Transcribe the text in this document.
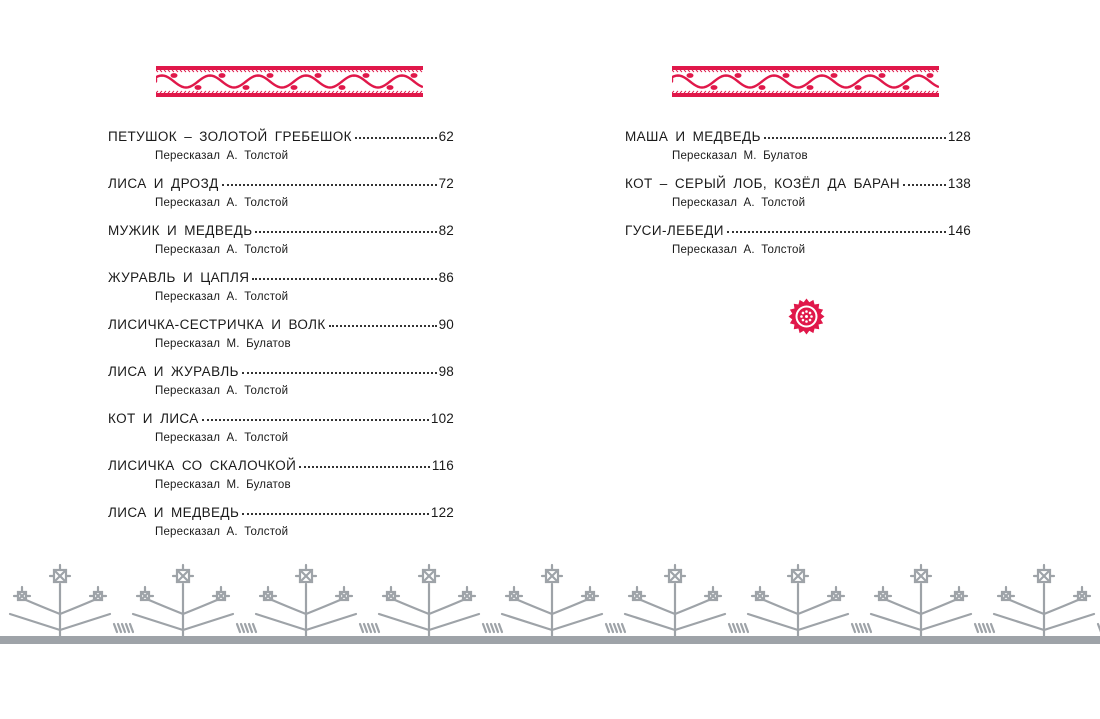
ПЕТУШОК – ЗОЛОТОЙ ГРЕБЕШОК	62
Пересказал А. Толстой
ЛИСА И ДРОЗД	72
Пересказал А. Толстой
МУЖИК И МЕДВЕДЬ	82
Пересказал А. Толстой
ЖУРАВЛЬ И ЦАПЛЯ	86
Пересказал А. Толстой
ЛИСИЧКА-СЕСТРИЧКА И ВОЛК	90
Пересказал М. Булатов
ЛИСА И ЖУРАВЛЬ	98
Пересказал А. Толстой
КОТ И ЛИСА	102
Пересказал А. Толстой
ЛИСИЧКА СО СКАЛОЧКОЙ	116
Пересказал М. Булатов
ЛИСА И МЕДВЕДЬ	122
Пересказал А. Толстой
МАША И МЕДВЕДЬ	128
Пересказал М. Булатов
КОТ – СЕРЫЙ ЛОБ, КОЗЁЛ ДА БАРАН	138
Пересказал А. Толстой
ГУСИ-ЛЕБЕДИ	146
Пересказал А. Толстой
